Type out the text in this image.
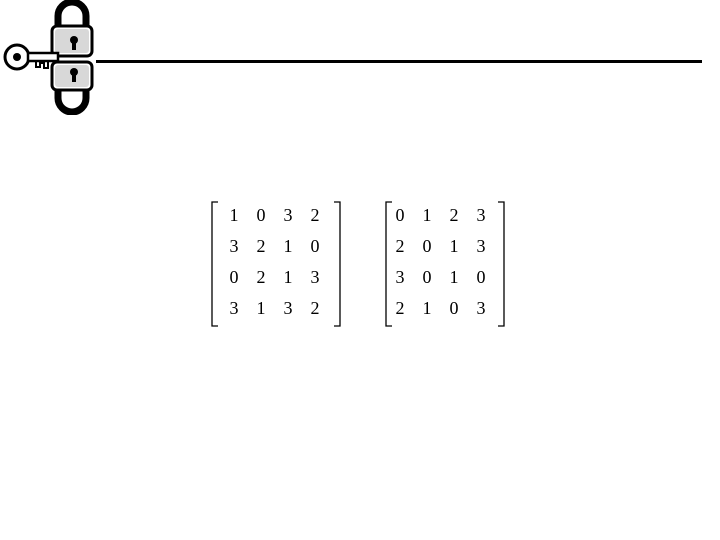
1 0 3 2
3 2 1 0
0 2 1 3
3 1 3 2
0 1 2 3
2 0 1 3
3 0 1 0
2 1 0 3
